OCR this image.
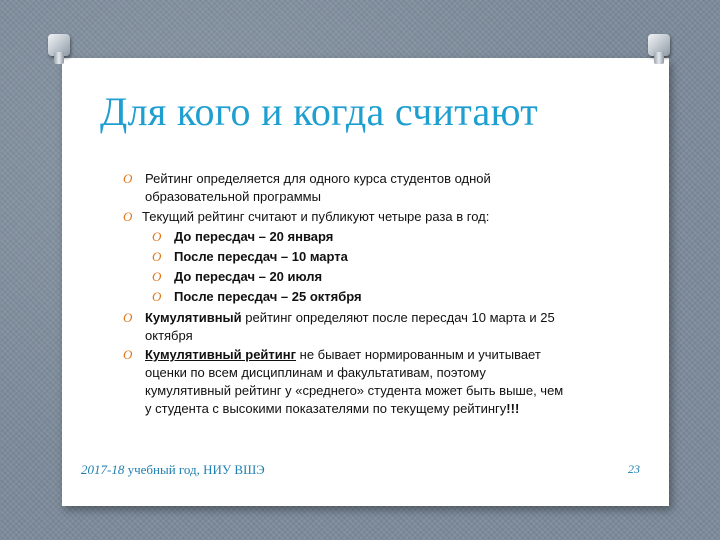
Для кого и когда считают
O Рейтинг определяется для одного курса студентов одной
образовательной программы
O Текущий рейтинг считают и публикуют четыре раза в год:
O До пересдач – 20 января
O После пересдач – 10 марта
O До пересдач – 20 июля
O После пересдач – 25 октября
O Кумулятивный рейтинг определяют после пересдач 10 марта и 25
октября
O Кумулятивный рейтинг не бывает нормированным и учитывает
оценки по всем дисциплинам и факультативам, поэтому
кумулятивный рейтинг у «среднего» студента может быть выше, чем
у студента с высокими показателями по текущему рейтингу!!!
2017-18 учебный год, НИУ ВШЭ	23
